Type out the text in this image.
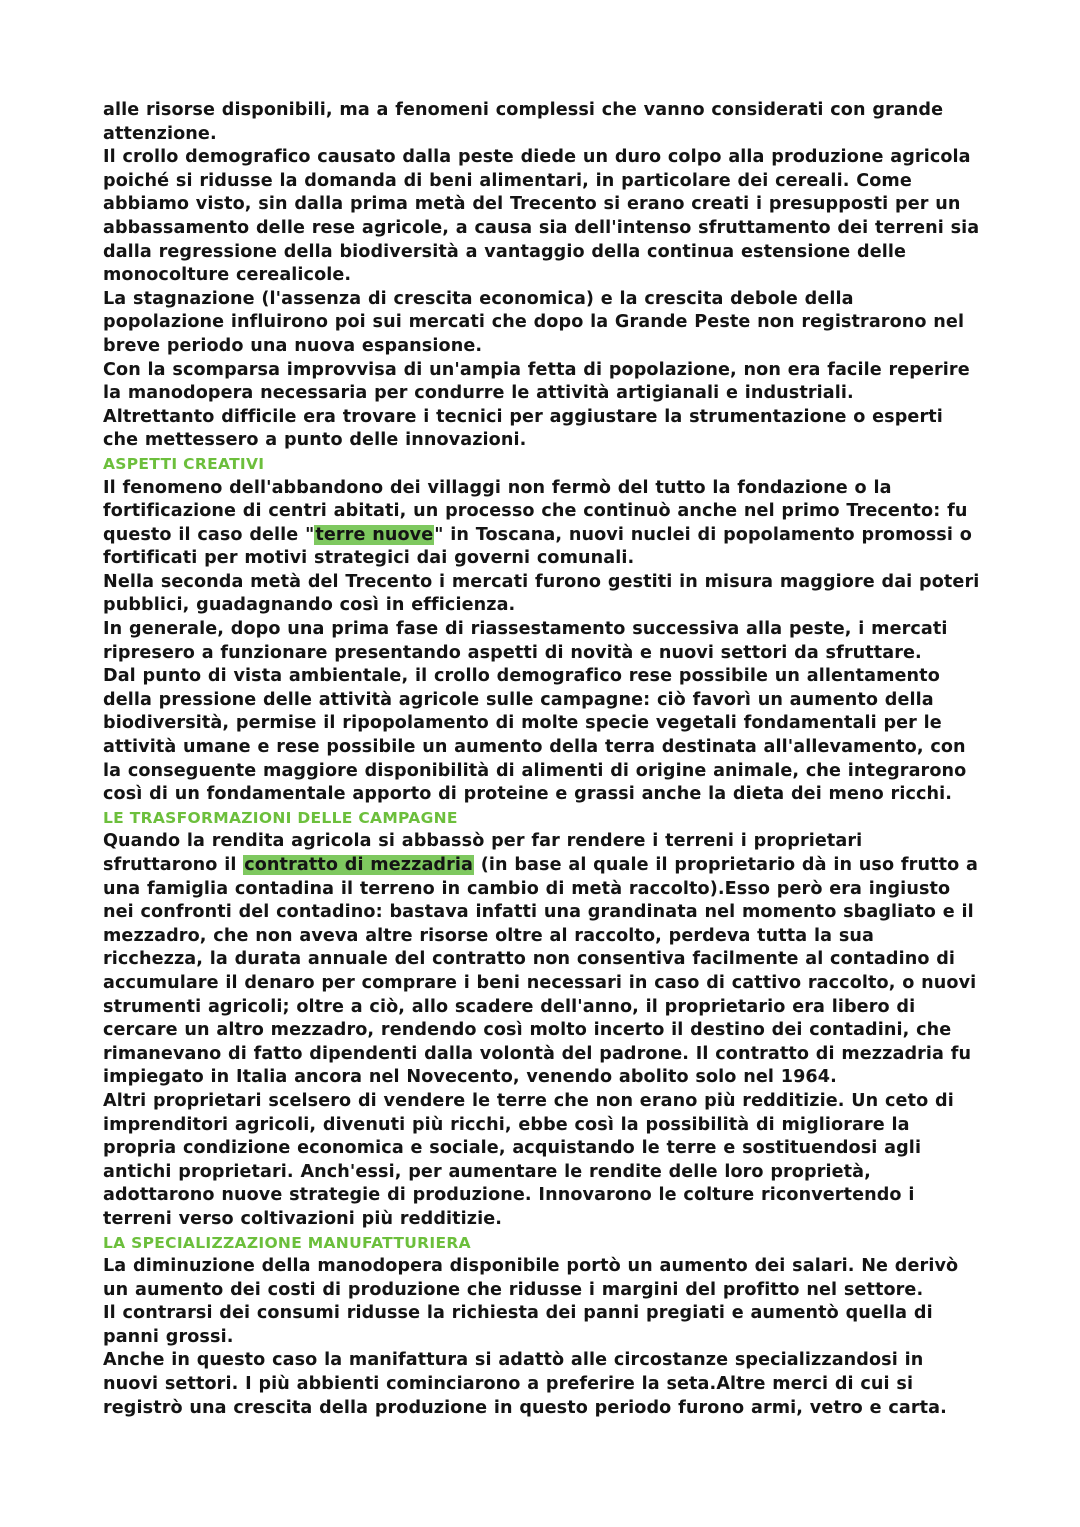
alle risorse disponibili, ma a fenomeni complessi che vanno considerati con grande attenzione.

Il crollo demografico causato dalla peste diede un duro colpo alla produzione agricola poiché si ridusse la domanda di beni alimentari, in particolare dei cereali. Come abbiamo visto, sin dalla prima metà del Trecento si erano creati i presupposti per un abbassamento delle rese agricole, a causa sia dell'intenso sfruttamento dei terreni sia dalla regressione della biodiversità a vantaggio della continua estensione delle monocolture cerealicole.

La stagnazione (l'assenza di crescita economica) e la crescita debole della popolazione influirono poi sui mercati che dopo la Grande Peste non registrarono nel breve periodo una nuova espansione.

Con la scomparsa improvvisa di un'ampia fetta di popolazione, non era facile reperire la manodopera necessaria per condurre le attività artigianali e industriali.

Altrettanto difficile era trovare i tecnici per aggiustare la strumentazione o esperti che mettessero a punto delle innovazioni.

ASPETTI CREATIVI

Il fenomeno dell'abbandono dei villaggi non fermò del tutto la fondazione o la fortificazione di centri abitati, un processo che continuò anche nel primo Trecento: fu questo il caso delle "terre nuove" in Toscana, nuovi nuclei di popolamento promossi o fortificati per motivi strategici dai governi comunali.

Nella seconda metà del Trecento i mercati furono gestiti in misura maggiore dai poteri pubblici, guadagnando così in efficienza.

In generale, dopo una prima fase di riassestamento successiva alla peste, i mercati ripresero a funzionare presentando aspetti di novità e nuovi settori da sfruttare.

Dal punto di vista ambientale, il crollo demografico rese possibile un allentamento della pressione delle attività agricole sulle campagne: ciò favorì un aumento della biodiversità, permise il ripopolamento di molte specie vegetali fondamentali per le attività umane e rese possibile un aumento della terra destinata all'allevamento, con la conseguente maggiore disponibilità di alimenti di origine animale, che integrarono così di un fondamentale apporto di proteine e grassi anche la dieta dei meno ricchi.

LE TRASFORMAZIONI DELLE CAMPAGNE

Quando la rendita agricola si abbassò per far rendere i terreni i proprietari sfruttarono il contratto di mezzadria (in base al quale il proprietario dà in uso frutto a una famiglia contadina il terreno in cambio di metà raccolto).Esso però era ingiusto nei confronti del contadino: bastava infatti una grandinata nel momento sbagliato e il mezzadro, che non aveva altre risorse oltre al raccolto, perdeva tutta la sua ricchezza, la durata annuale del contratto non consentiva facilmente al contadino di accumulare il denaro per comprare i beni necessari in caso di cattivo raccolto, o nuovi strumenti agricoli; oltre a ciò, allo scadere dell'anno, il proprietario era libero di cercare un altro mezzadro, rendendo così molto incerto il destino dei contadini, che rimanevano di fatto dipendenti dalla volontà del padrone. Il contratto di mezzadria fu impiegato in Italia ancora nel Novecento, venendo abolito solo nel 1964.

Altri proprietari scelsero di vendere le terre che non erano più redditizie. Un ceto di imprenditori agricoli, divenuti più ricchi, ebbe così la possibilità di migliorare la propria condizione economica e sociale, acquistando le terre e sostituendosi agli antichi proprietari. Anch'essi, per aumentare le rendite delle loro proprietà, adottarono nuove strategie di produzione. Innovarono le colture riconvertendo i terreni verso coltivazioni più redditizie.

LA SPECIALIZZAZIONE MANUFATTURIERA

La diminuzione della manodopera disponibile portò un aumento dei salari. Ne derivò un aumento dei costi di produzione che ridusse i margini del profitto nel settore.

Il contrarsi dei consumi ridusse la richiesta dei panni pregiati e aumentò quella di panni grossi.

Anche in questo caso la manifattura si adattò alle circostanze specializzandosi in nuovi settori. I più abbienti cominciarono a preferire la seta.Altre merci di cui si registrò una crescita della produzione in questo periodo furono armi, vetro e carta.
